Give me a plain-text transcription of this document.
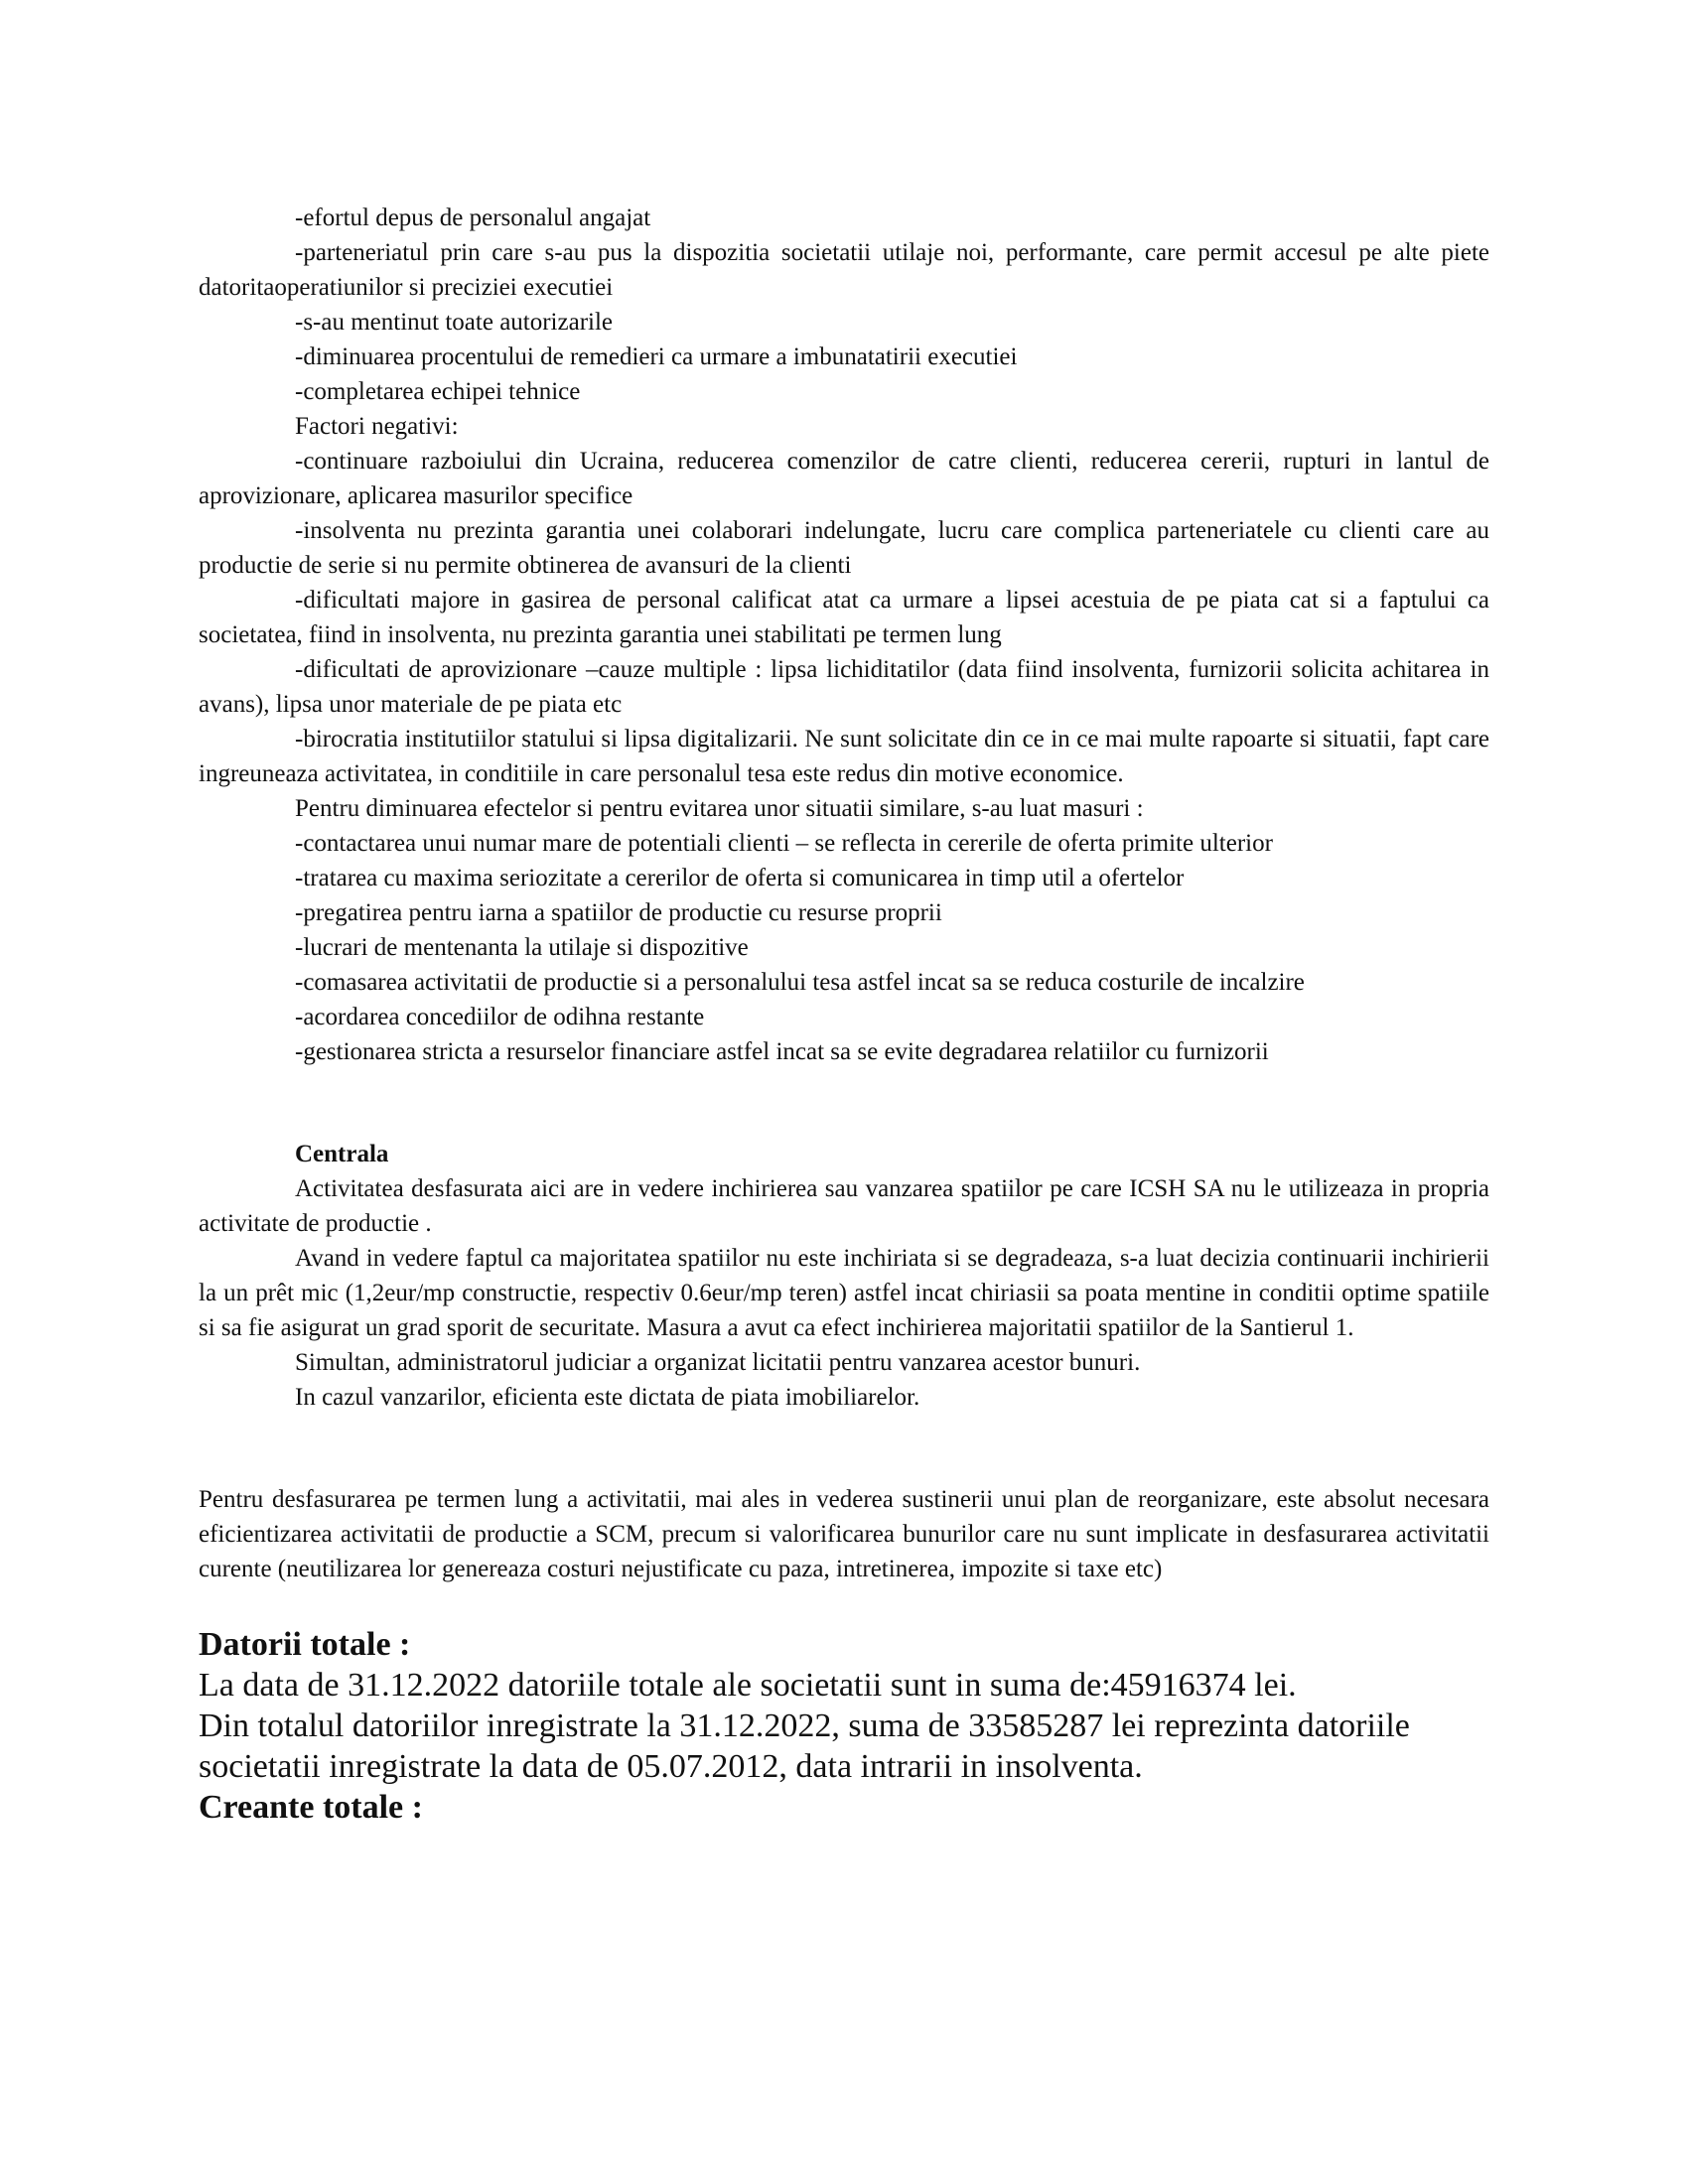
-efortul depus de personalul angajat

-parteneriatul prin care s-au pus la dispozitia societatii utilaje noi, performante, care permit accesul pe alte piete datoritaoperatiunilor si preciziei executiei

-s-au mentinut toate autorizarile

-diminuarea procentului de remedieri ca urmare a imbunatatirii executiei

-completarea echipei tehnice

Factori negativi:

-continuare razboiului din Ucraina, reducerea comenzilor de catre clienti, reducerea cererii, rupturi in lantul de aprovizionare, aplicarea masurilor specifice

-insolventa nu prezinta garantia unei colaborari indelungate, lucru care complica parteneriatele cu clienti care au productie de serie si nu permite obtinerea de avansuri de la clienti

-dificultati majore in gasirea de personal calificat atat ca urmare a lipsei acestuia de pe piata cat si a faptului ca societatea, fiind in insolventa, nu prezinta garantia unei stabilitati pe termen lung

-dificultati de aprovizionare –cauze multiple : lipsa lichiditatilor (data fiind insolventa, furnizorii solicita achitarea in avans), lipsa unor materiale de pe piata etc

-birocratia institutiilor statului si lipsa digitalizarii. Ne sunt solicitate din ce in ce mai multe rapoarte si situatii, fapt care ingreuneaza activitatea, in conditiile in care personalul tesa este redus din motive economice.

Pentru diminuarea efectelor si pentru evitarea unor situatii similare, s-au luat masuri :

-contactarea unui numar mare de potentiali clienti – se reflecta in cererile de oferta primite ulterior

-tratarea cu maxima seriozitate a cererilor de oferta si comunicarea in timp util a ofertelor

-pregatirea pentru iarna a spatiilor de productie cu resurse proprii

-lucrari de mentenanta la utilaje si dispozitive

-comasarea activitatii de productie si a personalului tesa astfel incat sa se reduca costurile de incalzire

-acordarea concediilor de odihna restante

-gestionarea stricta a resurselor financiare astfel incat sa se evite degradarea relatiilor cu furnizorii

Centrala

Activitatea desfasurata aici are in vedere inchirierea sau vanzarea spatiilor pe care ICSH SA nu le utilizeaza in propria activitate de productie .

Avand in vedere faptul ca majoritatea spatiilor nu este inchiriata si se degradeaza, s-a luat decizia continuarii inchirierii la un prêt mic (1,2eur/mp constructie, respectiv 0.6eur/mp teren) astfel incat chiriasii sa poata mentine in conditii optime spatiile si sa fie asigurat un grad sporit de securitate. Masura a avut ca efect inchirierea majoritatii spatiilor de la Santierul 1.

Simultan, administratorul judiciar a organizat licitatii pentru vanzarea acestor bunuri.

In cazul vanzarilor, eficienta este dictata de piata imobiliarelor.

Pentru desfasurarea pe termen lung a activitatii, mai ales in vederea sustinerii unui plan de reorganizare, este absolut necesara eficientizarea activitatii de productie a SCM, precum si valorificarea bunurilor care nu sunt implicate in desfasurarea activitatii curente (neutilizarea lor genereaza costuri nejustificate cu paza, intretinerea, impozite si taxe etc)

Datorii totale :

La data de 31.12.2022 datoriile totale ale societatii sunt in suma de:45916374 lei.

Din totalul datoriilor inregistrate la 31.12.2022, suma de 33585287 lei reprezinta datoriile societatii inregistrate la data de 05.07.2012, data intrarii in insolventa.

Creante totale :
